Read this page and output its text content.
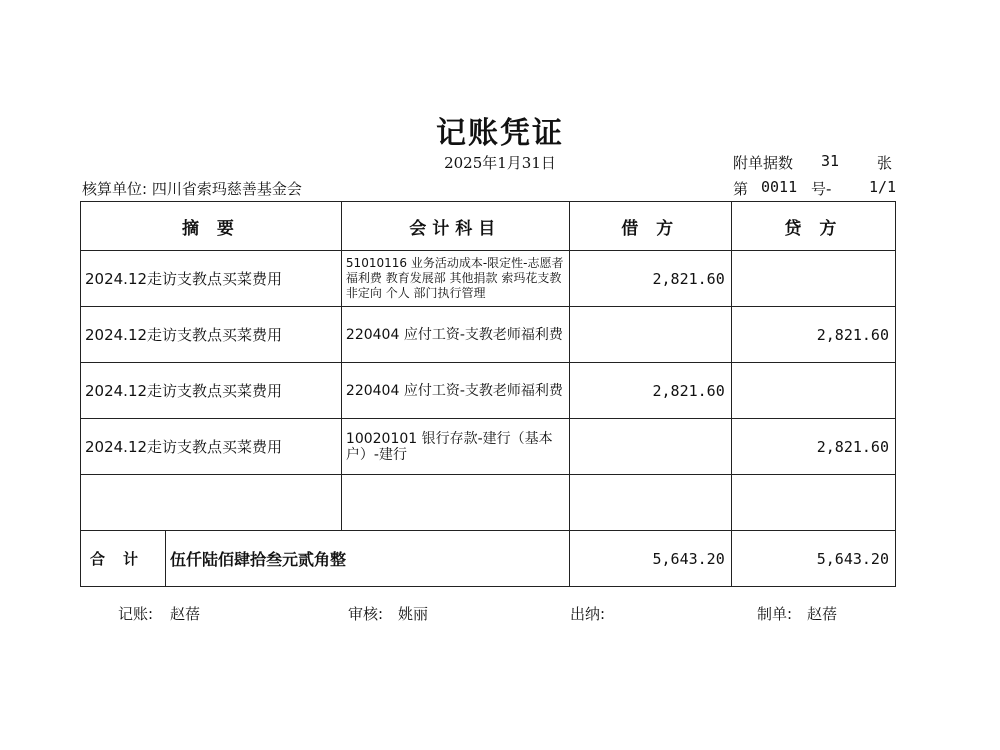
记账凭证
2025年1月31日	附单据数 31	张
核算单位: 四川省索玛慈善基金会	第 0011 号-	1/1
摘 要	会计科目	借 方	贷 方
2024.12走访支教点买菜费用	51010116 业务活动成本-限定性-志愿者福利费 教育发展部 其他捐款 索玛花支教 非定向 个人 部门执行管理	2,821.60	
2024.12走访支教点买菜费用	220404 应付工资-支教老师福利费		2,821.60
2024.12走访支教点买菜费用	220404 应付工资-支教老师福利费	2,821.60	
2024.12走访支教点买菜费用	10020101 银行存款-建行（基本户）-建行		2,821.60

合计 伍仟陆佰肆拾叁元贰角整		5,643.20	5,643.20
记账: 赵蓓	审核: 姚丽	出纳:	制单: 赵蓓
